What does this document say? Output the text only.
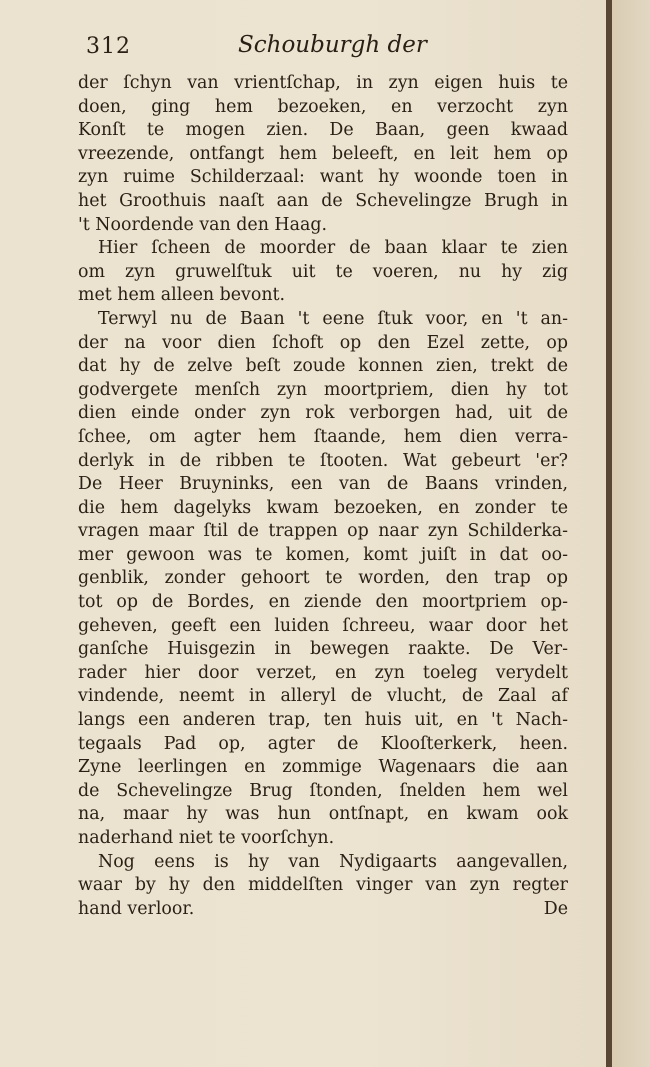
312	Schouburgh der
der ſchyn van vrientſchap, in zyn eigen huis te
doen, ging hem bezoeken, en verzocht zyn
Konſt te mogen zien. De Baan, geen kwaad
vreezende, ontfangt hem beleeft, en leit hem op
zyn ruime Schilderzaal: want hy woonde toen in
het Groothuis naaſt aan de Schevelingze Brugh in
't Noordende van den Haag.
Hier ſcheen de moorder de baan klaar te zien
om zyn gruwelſtuk uit te voeren, nu hy zig
met hem alleen bevont.
Terwyl nu de Baan 't eene ſtuk voor, en 't an-
der na voor dien ſchoft op den Ezel zette, op
dat hy de zelve beſt zoude konnen zien, trekt de
godvergete menſch zyn moortpriem, dien hy tot
dien einde onder zyn rok verborgen had, uit de
ſchee, om agter hem ſtaande, hem dien verra-
derlyk in de ribben te ſtooten. Wat gebeurt 'er?
De Heer Bruyninks, een van de Baans vrinden,
die hem dagelyks kwam bezoeken, en zonder te
vragen maar ſtil de trappen op naar zyn Schilderka-
mer gewoon was te komen, komt juiſt in dat oo-
genblik, zonder gehoort te worden, den trap op
tot op de Bordes, en ziende den moortpriem op-
geheven, geeft een luiden ſchreeu, waar door het
ganſche Huisgezin in bewegen raakte. De Ver-
rader hier door verzet, en zyn toeleg verydelt
vindende, neemt in alleryl de vlucht, de Zaal af
langs een anderen trap, ten huis uit, en 't Nach-
tegaals Pad op, agter de Klooſterkerk, heen.
Zyne leerlingen en zommige Wagenaars die aan
de Schevelingze Brug ſtonden, ſnelden hem wel
na, maar hy was hun ontſnapt, en kwam ook
naderhand niet te voorſchyn.
Nog eens is hy van Nydigaarts aangevallen,
waar by hy den middelſten vinger van zyn regter
hand verloor.	De
